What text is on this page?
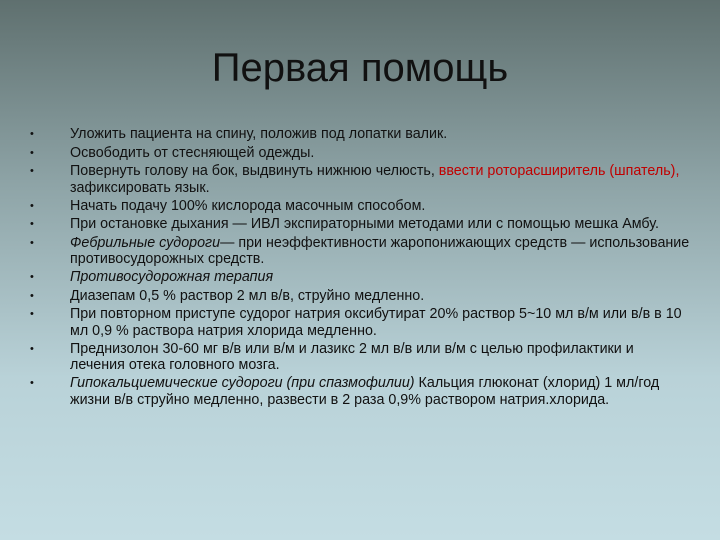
Первая помощь
•	Уложить пациента на спину, положив под лопатки валик.
•	Освободить от стесняющей одежды.
•	Повернуть голову на бок, выдвинуть нижнюю челюсть, ввести роторасширитель (шпатель), зафиксировать язык.
•	Начать подачу 100% кислорода масочным способом.
•	При остановке дыхания — ИВЛ экспираторными методами или с помощью мешка Амбу.
•	Фебрильные судороги— при неэффективности жаропонижающих средств — использование противосудорожных средств.
•	Противосудорожная терапия
•	Диазепам 0,5 % раствор 2 мл в/в, струйно медленно.
•	При повторном приступе судорог натрия оксибутират 20% раствор 5~10 мл в/м или в/в в 10 мл 0,9 % раствора натрия хлорида медленно.
•	Преднизолон 30-60 мг в/в или в/м и лазикс 2 мл в/в или в/м с целью профилактики и лечения отека головного мозга.
•	Гипокальциемические судороги (при спазмофилии) Кальция глюконат (хлорид) 1 мл/год жизни в/в струйно медленно, развести в 2 раза 0,9% раствором натрия.хлорида.
